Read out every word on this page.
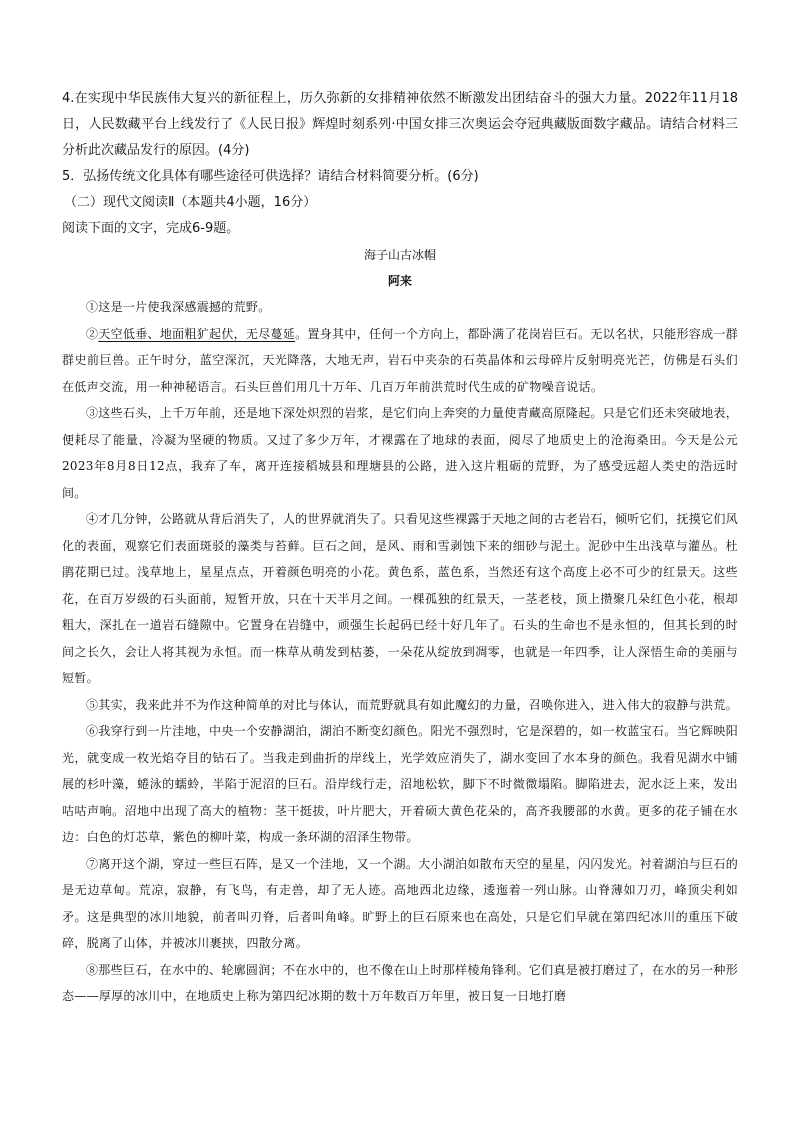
4.在实现中华民族伟大复兴的新征程上，历久弥新的女排精神依然不断激发出团结奋斗的强大力量。2022年11月18日，人民数藏平台上线发行了《人民日报》辉煌时刻系列·中国女排三次奥运会夺冠典藏版面数字藏品。请结合材料三分析此次藏品发行的原因。(4分)

5．弘扬传统文化具体有哪些途径可供选择？请结合材料简要分析。(6分)

（二）现代文阅读Ⅱ（本题共4小题，16分）

阅读下面的文字，完成6-9题。

海子山古冰帽

阿来

①这是一片使我深感震撼的荒野。

②天空低垂、地面粗犷起伏，无尽蔓延。置身其中，任何一个方向上，都卧满了花岗岩巨石。无以名状，只能形容成一群群史前巨兽。正午时分，蓝空深沉，天光降落，大地无声，岩石中夹杂的石英晶体和云母碎片反射明亮光芒，仿佛是石头们在低声交流，用一种神秘语言。石头巨兽们用几十万年、几百万年前洪荒时代生成的矿物噪音说话。

③这些石头，上千万年前，还是地下深处炽烈的岩浆，是它们向上奔突的力量使青藏高原隆起。只是它们还未突破地表，便耗尽了能量，冷凝为坚硬的物质。又过了多少万年，才裸露在了地球的表面，阅尽了地质史上的沧海桑田。今天是公元2023年8月8日12点，我弃了车，离开连接稻城县和理塘县的公路，进入这片粗砺的荒野，为了感受远超人类史的浩远时间。

④才几分钟，公路就从背后消失了，人的世界就消失了。只看见这些裸露于天地之间的古老岩石，倾听它们，抚摸它们风化的表面，观察它们表面斑驳的藻类与苔藓。巨石之间，是风、雨和雪剥蚀下来的细砂与泥土。泥砂中生出浅草与灌丛。杜鹃花期已过。浅草地上，星星点点，开着颜色明亮的小花。黄色系，蓝色系，当然还有这个高度上必不可少的红景天。这些花，在百万岁级的石头面前，短暂开放，只在十天半月之间。一棵孤独的红景天，一茎老枝，顶上攒聚几朵红色小花，根却粗大，深扎在一道岩石缝隙中。它置身在岩缝中，顽强生长起码已经十好几年了。石头的生命也不是永恒的，但其长到的时间之长久，会让人将其视为永恒。而一株草从萌发到枯萎，一朵花从绽放到凋零，也就是一年四季，让人深悟生命的美丽与短暂。

⑤其实，我来此并不为作这种简单的对比与体认，而荒野就具有如此魔幻的力量，召唤你进入，进入伟大的寂静与洪荒。

⑥我穿行到一片洼地，中央一个安静湖泊，湖泊不断变幻颜色。阳光不强烈时，它是深碧的，如一枚蓝宝石。当它辉映阳光，就变成一枚光焰夺目的钻石了。当我走到曲折的岸线上，光学效应消失了，湖水变回了水本身的颜色。我看见湖水中铺展的杉叶藻，蜷泳的蠕蛉，半陷于泥沼的巨石。沿岸线行走，沼地松软，脚下不时微微塌陷。脚陷进去，泥水泛上来，发出咕咕声响。沼地中出现了高大的植物：茎干挺拔，叶片肥大，开着硕大黄色花朵的，高齐我腰部的水黄。更多的花子铺在水边：白色的灯芯草，紫色的柳叶菜，构成一条环湖的沼泽生物带。

⑦离开这个湖，穿过一些巨石阵，是又一个洼地，又一个湖。大小湖泊如散布天空的星星，闪闪发光。衬着湖泊与巨石的是无边草甸。荒凉，寂静，有飞鸟，有走兽，却了无人迹。高地西北边缘，逶迤着一列山脉。山脊薄如刀刃，峰顶尖利如矛。这是典型的冰川地貌，前者叫刃脊，后者叫角峰。旷野上的巨石原来也在高处，只是它们早就在第四纪冰川的重压下破碎，脱离了山体，并被冰川裹挟，四散分离。

⑧那些巨石，在水中的、轮廓圆润；不在水中的，也不像在山上时那样棱角锋利。它们真是被打磨过了，在水的另一种形态——厚厚的冰川中，在地质史上称为第四纪冰期的数十万年数百万年里，被日复一日地打磨
